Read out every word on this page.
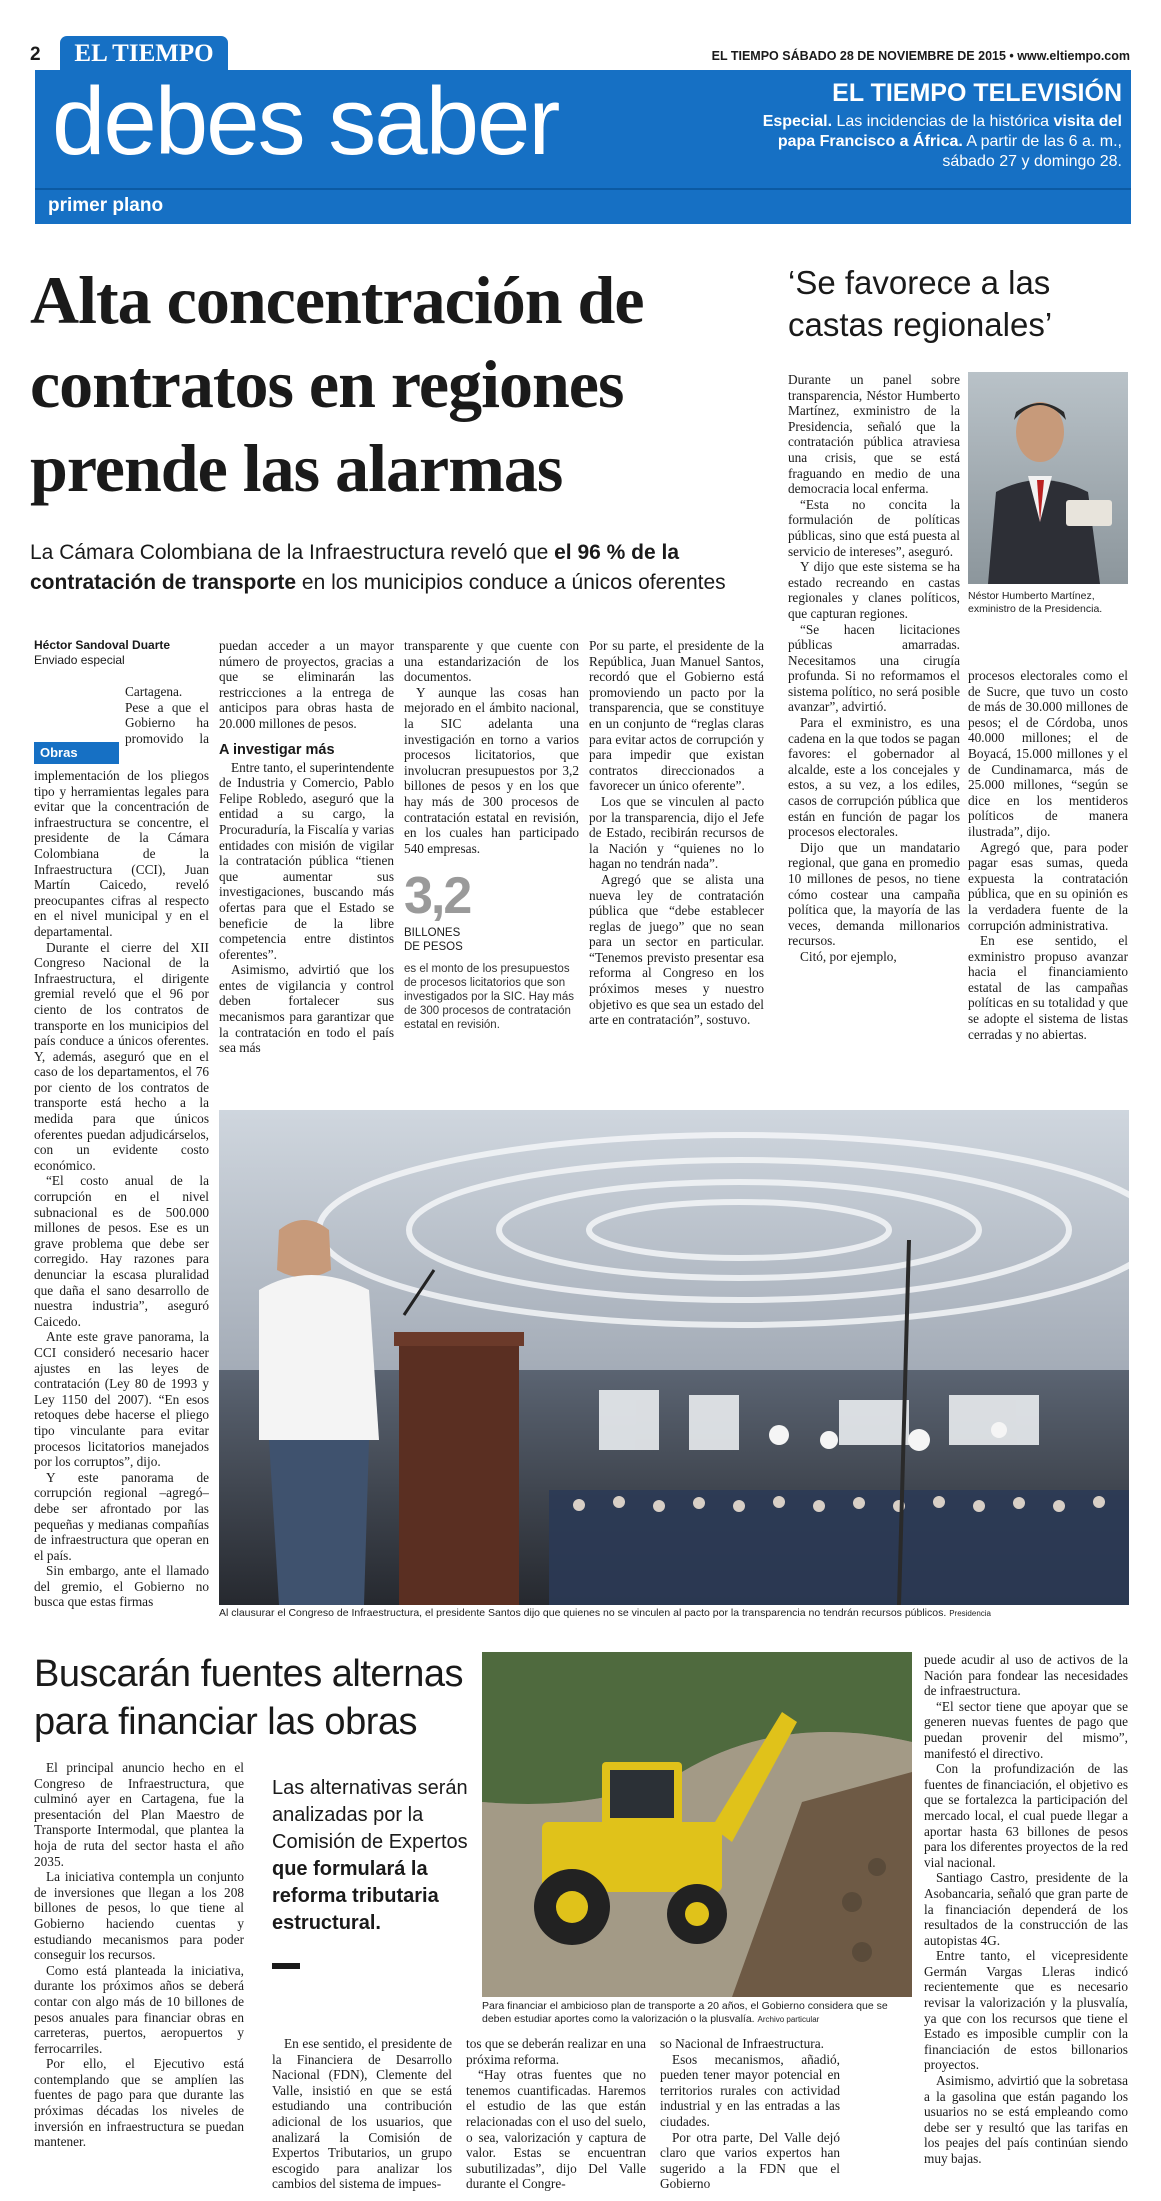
2	EL TIEMPO	EL TIEMPO SÁBADO 28 DE NOVIEMBRE DE 2015 • www.eltiempo.com
debes saber
primer plano
EL TIEMPO TELEVISIÓN
Especial. Las incidencias de la histórica visita del papa Francisco a África. A partir de las 6 a. m., sábado 27 y domingo 28.
Alta concentración de contratos en regiones prende las alarmas
La Cámara Colombiana de la Infraestructura reveló que el 96 % de la contratación de transporte en los municipios conduce a únicos oferentes
Héctor Sandoval Duarte
Enviado especial
Obras

Cartagena. Pese a que el Gobierno ha promovido la implementación de los pliegos tipo y herramientas legales para evitar que la concentración de infraestructura se concentre, el presidente de la Cámara Colombiana de la Infraestructura (CCI), Juan Martín Caicedo, reveló preocupantes cifras al respecto en el nivel municipal y en el departamental.

Durante el cierre del XII Congreso Nacional de la Infraestructura, el dirigente gremial reveló que el 96 por ciento de los contratos de transporte en los municipios del país conduce a únicos oferentes. Y, además, aseguró que en el caso de los departamentos, el 76 por ciento de los contratos de transporte está hecho a la medida para que únicos oferentes puedan adjudicárselos, con un evidente costo económico.

“El costo anual de la corrupción en el nivel subnacional es de 500.000 millones de pesos. Ese es un grave problema que debe ser corregido. Hay razones para denunciar la escasa pluralidad que daña el sano desarrollo de nuestra industria”, aseguró Caicedo.

Ante este grave panorama, la CCI consideró necesario hacer ajustes en las leyes de contratación (Ley 80 de 1993 y Ley 1150 del 2007). “En esos retoques debe hacerse el pliego tipo vinculante para evitar procesos licitatorios manejados por los corruptos”, dijo.

Y este panorama de corrupción regional –agregó– debe ser afrontado por las pequeñas y medianas compañías de infraestructura que operan en el país.

Sin embargo, ante el llamado del gremio, el Gobierno no busca que estas firmas

puedan acceder a un mayor número de proyectos, gracias a que se eliminarán las restricciones a la entrega de anticipos para obras hasta de 20.000 millones de pesos.

A investigar más

Entre tanto, el superintendente de Industria y Comercio, Pablo Felipe Robledo, aseguró que la entidad a su cargo, la Procuraduría, la Fiscalía y varias entidades con misión de vigilar la contratación pública “tienen que aumentar sus investigaciones, buscando más ofertas para que el Estado se beneficie de la libre competencia entre distintos oferentes”.

Asimismo, advirtió que los entes de vigilancia y control deben fortalecer sus mecanismos para garantizar que la contratación en todo el país sea más

transparente y que cuente con una estandarización de los documentos.

Y aunque las cosas han mejorado en el ámbito nacional, la SIC adelanta una investigación en torno a varios procesos licitatorios, que involucran presupuestos por 3,2 billones de pesos y en los que hay más de 300 procesos de contratación estatal en revisión, en los cuales han participado 540 empresas.

3,2
BILLONES DE PESOS
es el monto de los presupuestos de procesos licitatorios que son investigados por la SIC. Hay más de 300 procesos de contratación estatal en revisión.

Por su parte, el presidente de la República, Juan Manuel Santos, recordó que el Gobierno está promoviendo un pacto por la transparencia, que se constituye en un conjunto de “reglas claras para evitar actos de corrupción y para impedir que existan contratos direccionados a favorecer un único oferente”.

Los que se vinculen al pacto por la transparencia, dijo el Jefe de Estado, recibirán recursos de la Nación y “quienes no lo hagan no tendrán nada”.

Agregó que se alista una nueva ley de contratación pública que “debe establecer reglas de juego” que no sean para un sector en particular. “Tenemos previsto presentar esa reforma al Congreso en los próximos meses y nuestro objetivo es que sea un estado del arte en contratación”, sostuvo.

‘Se favorece a las castas regionales’

Durante un panel sobre transparencia, Néstor Humberto Martínez, exministro de la Presidencia, señaló que la contratación pública atraviesa una crisis, que se está fraguando en medio de una democracia local enferma.

“Esta no concita la formulación de políticas públicas, sino que está puesta al servicio de intereses”, aseguró.

Y dijo que este sistema se ha estado recreando en castas regionales y clanes políticos, que capturan regiones.

“Se hacen licitaciones públicas amarradas. Necesitamos una cirugía profunda. Si no reformamos el sistema político, no será posible avanzar”, advirtió.

Para el exministro, es una cadena en la que todos se pagan favores: el gobernador al alcalde, este a los concejales y estos, a su vez, a los ediles, casos de corrupción pública que están en función de pagar los procesos electorales.

Dijo que un mandatario regional, que gana en promedio 10 millones de pesos, no tiene cómo costear una campaña política que, la mayoría de las veces, demanda millonarios recursos.

Citó, por ejemplo,

Néstor Humberto Martínez, exministro de la Presidencia.

procesos electorales como el de Sucre, que tuvo un costo de más de 30.000 millones de pesos; el de Córdoba, unos 40.000 millones; el de Boyacá, 15.000 millones y el de Cundinamarca, más de 25.000 millones, “según se dice en los mentideros políticos de manera ilustrada”, dijo.

Agregó que, para poder pagar esas sumas, queda expuesta la contratación pública, que en su opinión es la verdadera fuente de la corrupción administrativa.

En ese sentido, el exministro propuso avanzar hacia el financiamiento estatal de las campañas políticas en su totalidad y que se adopte el sistema de listas cerradas y no abiertas.

Al clausurar el Congreso de Infraestructura, el presidente Santos dijo que quienes no se vinculen al pacto por la transparencia no tendrán recursos públicos. Presidencia
Buscarán fuentes alternas para financiar las obras

El principal anuncio hecho en el Congreso de Infraestructura, que culminó ayer en Cartagena, fue la presentación del Plan Maestro de Transporte Intermodal, que plantea la hoja de ruta del sector hasta el año 2035.

La iniciativa contempla un conjunto de inversiones que llegan a los 208 billones de pesos, lo que tiene al Gobierno haciendo cuentas y estudiando mecanismos para poder conseguir los recursos.

Como está planteada la iniciativa, durante los próximos años se deberá contar con algo más de 10 billones de pesos anuales para financiar obras en carreteras, puertos, aeropuertos y ferrocarriles.

Por ello, el Ejecutivo está contemplando que se amplíen las fuentes de pago para que durante las próximas décadas los niveles de inversión en infraestructura se puedan mantener.

Las alternativas serán analizadas por la Comisión de Expertos que formulará la reforma tributaria estructural.
Para financiar el ambicioso plan de transporte a 20 años, el Gobierno considera que se deben estudiar aportes como la valorización o la plusvalía. Archivo particular

En ese sentido, el presidente de la Financiera de Desarrollo Nacional (FDN), Clemente del Valle, insistió en que se está estudiando una contribución adicional de los usuarios, que analizará la Comisión de Expertos Tributarios, un grupo escogido para analizar los cambios del sistema de impues-

tos que se deberán realizar en una próxima reforma.

“Hay otras fuentes que no tenemos cuantificadas. Haremos el estudio de las que están relacionadas con el uso del suelo, o sea, valorización y captura de valor. Estas se encuentran subutilizadas”, dijo Del Valle durante el Congre-

so Nacional de Infraestructura.

Esos mecanismos, añadió, pueden tener mayor potencial en territorios rurales con actividad industrial y en las entradas a las ciudades.

Por otra parte, Del Valle dejó claro que varios expertos han sugerido a la FDN que el Gobierno

puede acudir al uso de activos de la Nación para fondear las necesidades de infraestructura.

“El sector tiene que apoyar que se generen nuevas fuentes de pago que puedan provenir del mismo”, manifestó el directivo.

Con la profundización de las fuentes de financiación, el objetivo es que se fortalezca la participación del mercado local, el cual puede llegar a aportar hasta 63 billones de pesos para los diferentes proyectos de la red vial nacional.

Santiago Castro, presidente de la Asobancaria, señaló que gran parte de la financiación dependerá de los resultados de la construcción de las autopistas 4G.

Entre tanto, el vicepresidente Germán Vargas Lleras indicó recientemente que es necesario revisar la valorización y la plusvalía, ya que con los recursos que tiene el Estado es imposible cumplir con la financiación de estos billonarios proyectos.

Asimismo, advirtió que la sobretasa a la gasolina que están pagando los usuarios no se está empleando como debe ser y resultó que las tarifas en los peajes del país continúan siendo muy bajas.
